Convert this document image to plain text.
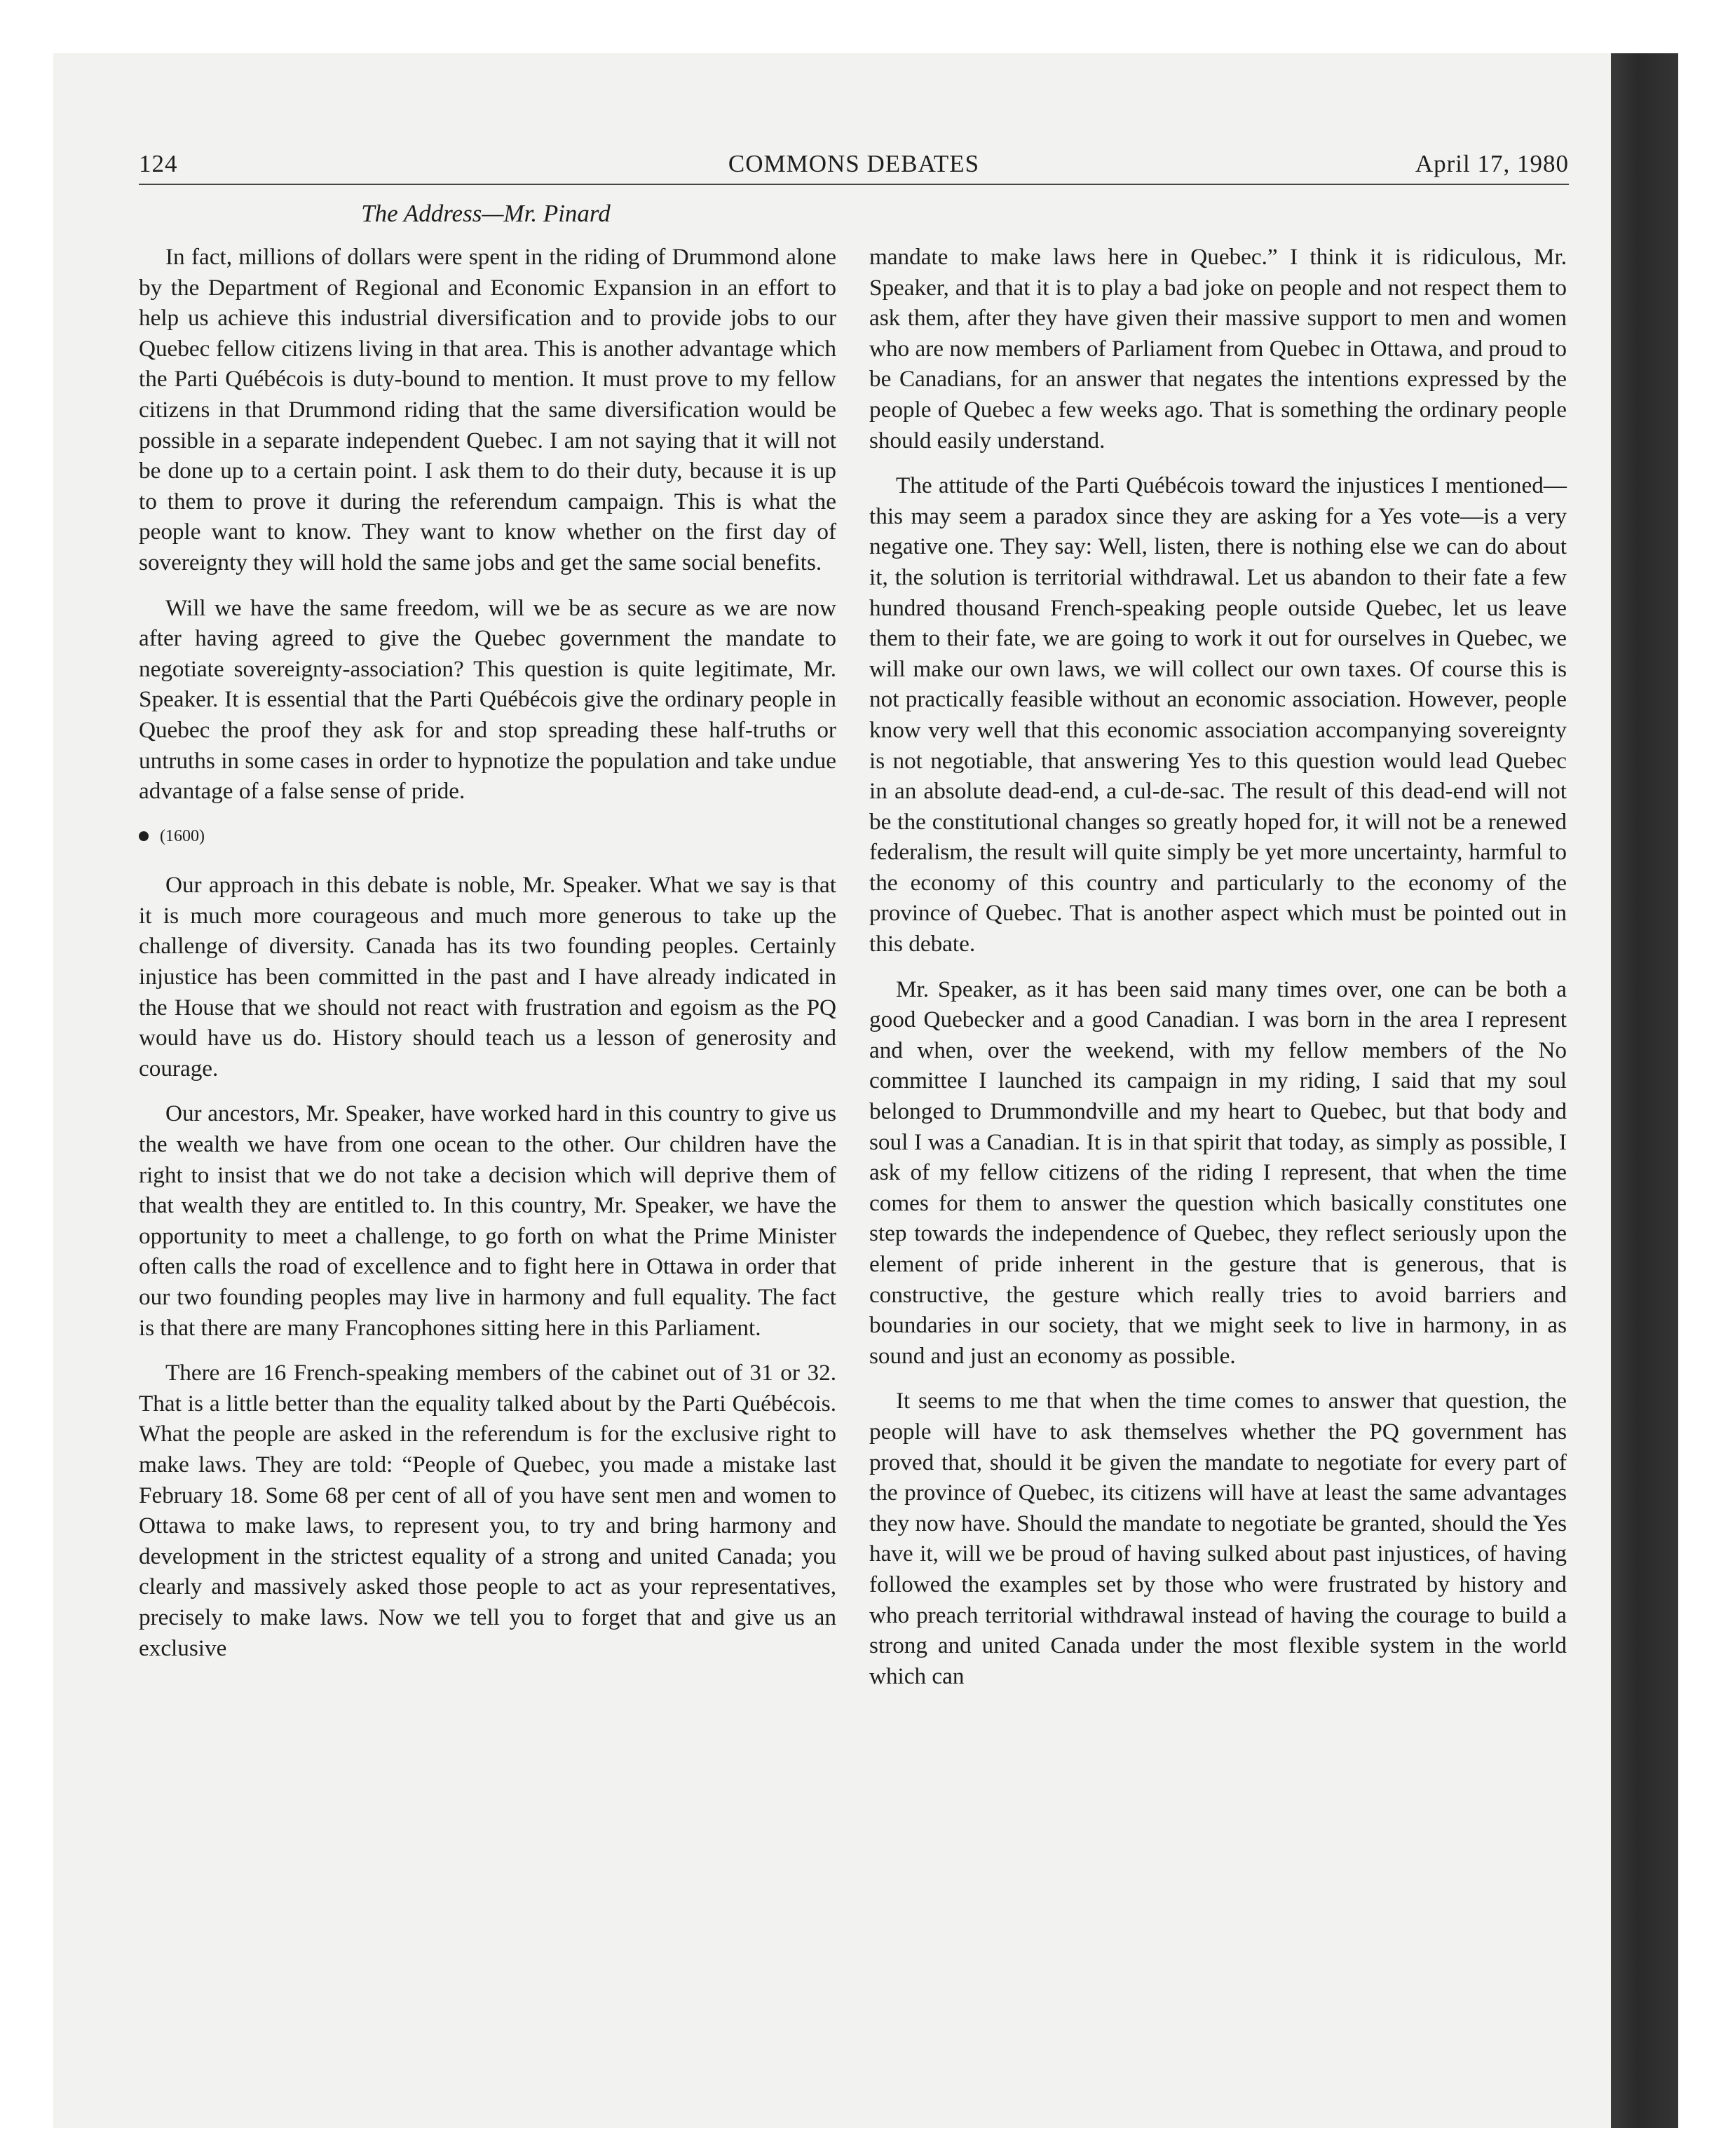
124	COMMONS DEBATES	April 17, 1980
The Address—Mr. Pinard

In fact, millions of dollars were spent in the riding of Drummond alone by the Department of Regional and Economic Expansion in an effort to help us achieve this industrial diversification and to provide jobs to our Quebec fellow citizens living in that area. This is another advantage which the Parti Québécois is duty-bound to mention. It must prove to my fellow citizens in that Drummond riding that the same diversification would be possible in a separate independent Quebec. I am not saying that it will not be done up to a certain point. I ask them to do their duty, because it is up to them to prove it during the referendum campaign. This is what the people want to know. They want to know whether on the first day of sovereignty they will hold the same jobs and get the same social benefits.

Will we have the same freedom, will we be as secure as we are now after having agreed to give the Quebec government the mandate to negotiate sovereignty-association? This question is quite legitimate, Mr. Speaker. It is essential that the Parti Québécois give the ordinary people in Quebec the proof they ask for and stop spreading these half-truths or untruths in some cases in order to hypnotize the population and take undue advantage of a false sense of pride.

(1600)

Our approach in this debate is noble, Mr. Speaker. What we say is that it is much more courageous and much more generous to take up the challenge of diversity. Canada has its two founding peoples. Certainly injustice has been committed in the past and I have already indicated in the House that we should not react with frustration and egoism as the PQ would have us do. History should teach us a lesson of generosity and courage.

Our ancestors, Mr. Speaker, have worked hard in this country to give us the wealth we have from one ocean to the other. Our children have the right to insist that we do not take a decision which will deprive them of that wealth they are entitled to. In this country, Mr. Speaker, we have the opportunity to meet a challenge, to go forth on what the Prime Minister often calls the road of excellence and to fight here in Ottawa in order that our two founding peoples may live in harmony and full equality. The fact is that there are many Francophones sitting here in this Parliament.

There are 16 French-speaking members of the cabinet out of 31 or 32. That is a little better than the equality talked about by the Parti Québécois. What the people are asked in the referendum is for the exclusive right to make laws. They are told: “People of Quebec, you made a mistake last February 18. Some 68 per cent of all of you have sent men and women to Ottawa to make laws, to represent you, to try and bring harmony and development in the strictest equality of a strong and united Canada; you clearly and massively asked those people to act as your representatives, precisely to make laws. Now we tell you to forget that and give us an exclusive

mandate to make laws here in Quebec.” I think it is ridiculous, Mr. Speaker, and that it is to play a bad joke on people and not respect them to ask them, after they have given their massive support to men and women who are now members of Parliament from Quebec in Ottawa, and proud to be Canadians, for an answer that negates the intentions expressed by the people of Quebec a few weeks ago. That is something the ordinary people should easily understand.

The attitude of the Parti Québécois toward the injustices I mentioned—this may seem a paradox since they are asking for a Yes vote—is a very negative one. They say: Well, listen, there is nothing else we can do about it, the solution is territorial withdrawal. Let us abandon to their fate a few hundred thousand French-speaking people outside Quebec, let us leave them to their fate, we are going to work it out for ourselves in Quebec, we will make our own laws, we will collect our own taxes. Of course this is not practically feasible without an economic association. However, people know very well that this economic association accompanying sovereignty is not negotiable, that answering Yes to this question would lead Quebec in an absolute dead-end, a cul-de-sac. The result of this dead-end will not be the constitutional changes so greatly hoped for, it will not be a renewed federalism, the result will quite simply be yet more uncertainty, harmful to the economy of this country and particularly to the economy of the province of Quebec. That is another aspect which must be pointed out in this debate.

Mr. Speaker, as it has been said many times over, one can be both a good Quebecker and a good Canadian. I was born in the area I represent and when, over the weekend, with my fellow members of the No committee I launched its campaign in my riding, I said that my soul belonged to Drummondville and my heart to Quebec, but that body and soul I was a Canadian. It is in that spirit that today, as simply as possible, I ask of my fellow citizens of the riding I represent, that when the time comes for them to answer the question which basically constitutes one step towards the independence of Quebec, they reflect seriously upon the element of pride inherent in the gesture that is generous, that is constructive, the gesture which really tries to avoid barriers and boundaries in our society, that we might seek to live in harmony, in as sound and just an economy as possible.

It seems to me that when the time comes to answer that question, the people will have to ask themselves whether the PQ government has proved that, should it be given the mandate to negotiate for every part of the province of Quebec, its citizens will have at least the same advantages they now have. Should the mandate to negotiate be granted, should the Yes have it, will we be proud of having sulked about past injustices, of having followed the examples set by those who were frustrated by history and who preach territorial withdrawal instead of having the courage to build a strong and united Canada under the most flexible system in the world which can
